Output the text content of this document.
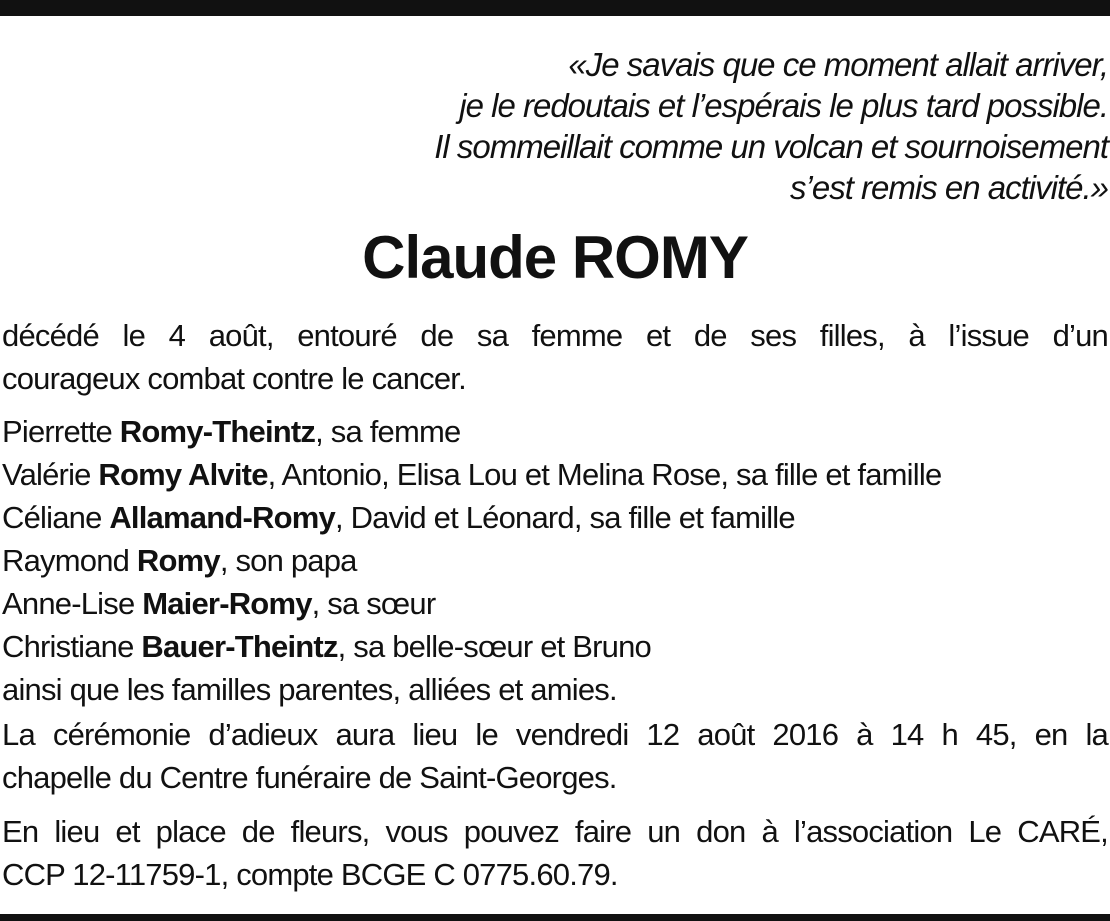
«Je savais que ce moment allait arriver,
je le redoutais et l’espérais le plus tard possible.
Il sommeillait comme un volcan et sournoisement
s’est remis en activité.»
Claude ROMY
décédé le 4 août, entouré de sa femme et de ses filles, à l’issue d’un
courageux combat contre le cancer.
Pierrette Romy-Theintz, sa femme
Valérie Romy Alvite, Antonio, Elisa Lou et Melina Rose, sa fille et famille
Céliane Allamand-Romy, David et Léonard, sa fille et famille
Raymond Romy, son papa
Anne-Lise Maier-Romy, sa sœur
Christiane Bauer-Theintz, sa belle-sœur et Bruno
ainsi que les familles parentes, alliées et amies.
La cérémonie d’adieux aura lieu le vendredi 12 août 2016 à 14 h 45, en la
chapelle du Centre funéraire de Saint-Georges.
En lieu et place de fleurs, vous pouvez faire un don à l’association Le CARÉ,
CCP 12-11759-1, compte BCGE C 0775.60.79.
